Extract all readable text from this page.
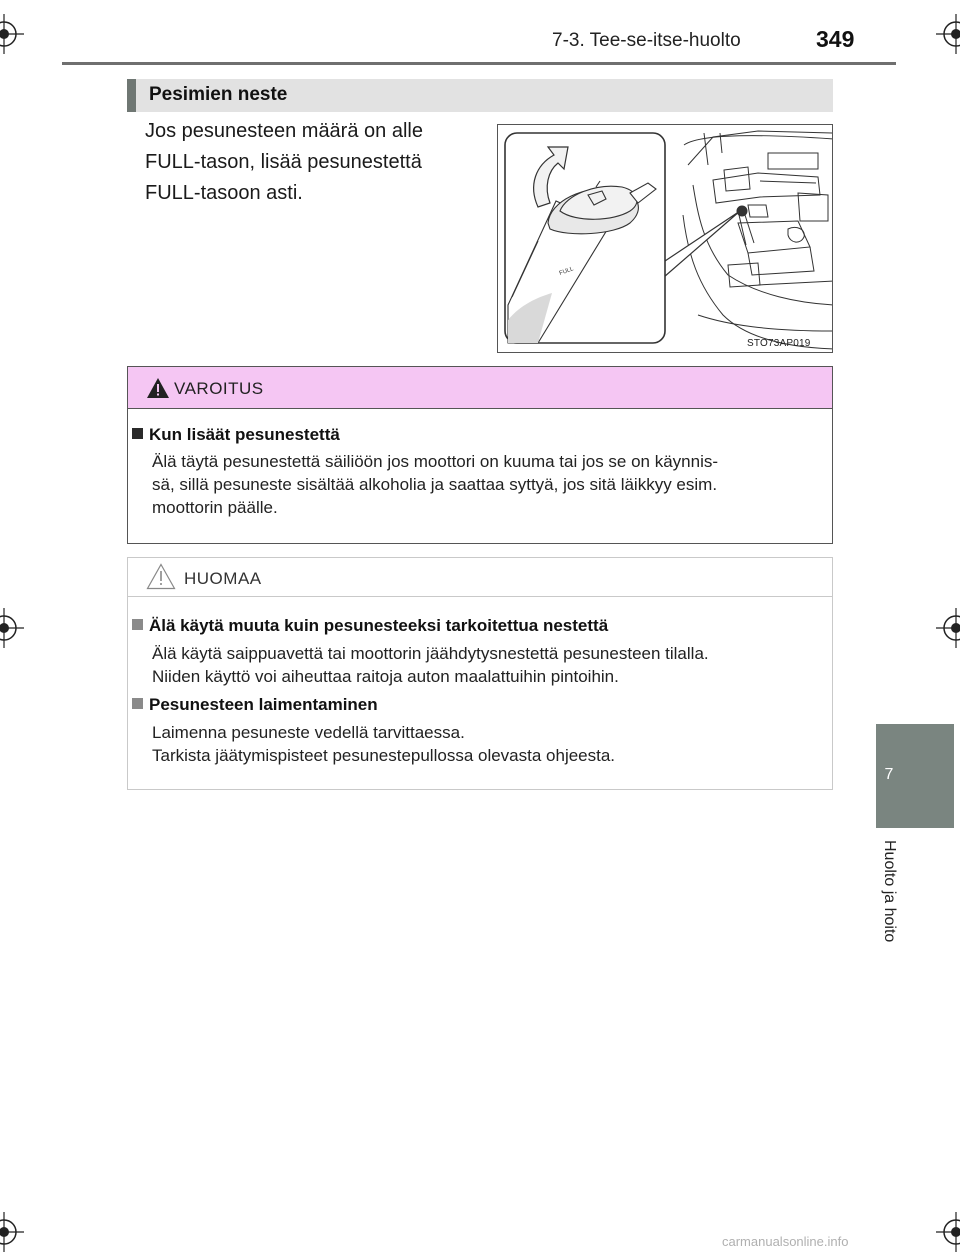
7-3. Tee-se-itse-huolto	349
7
Huolto ja hoito
Pesimien neste
Jos pesunesteen määrä on alle
FULL-tason, lisää pesunestettä
FULL-tasoon asti.
FULL
STO73AP019
VAROITUS
Kun lisäät pesunestettä
Älä täytä pesunestettä säiliöön jos moottori on kuuma tai jos se on käynnis-
sä, sillä pesuneste sisältää alkoholia ja saattaa syttyä, jos sitä läikkyy esim.
moottorin päälle.
HUOMAA
Älä käytä muuta kuin pesunesteeksi tarkoitettua nestettä
Älä käytä saippuavettä tai moottorin jäähdytysnestettä pesunesteen tilalla.
Niiden käyttö voi aiheuttaa raitoja auton maalattuihin pintoihin.
Pesunesteen laimentaminen
Laimenna pesuneste vedellä tarvittaessa.
Tarkista jäätymispisteet pesunestepullossa olevasta ohjeesta.
carmanualsonline.info
